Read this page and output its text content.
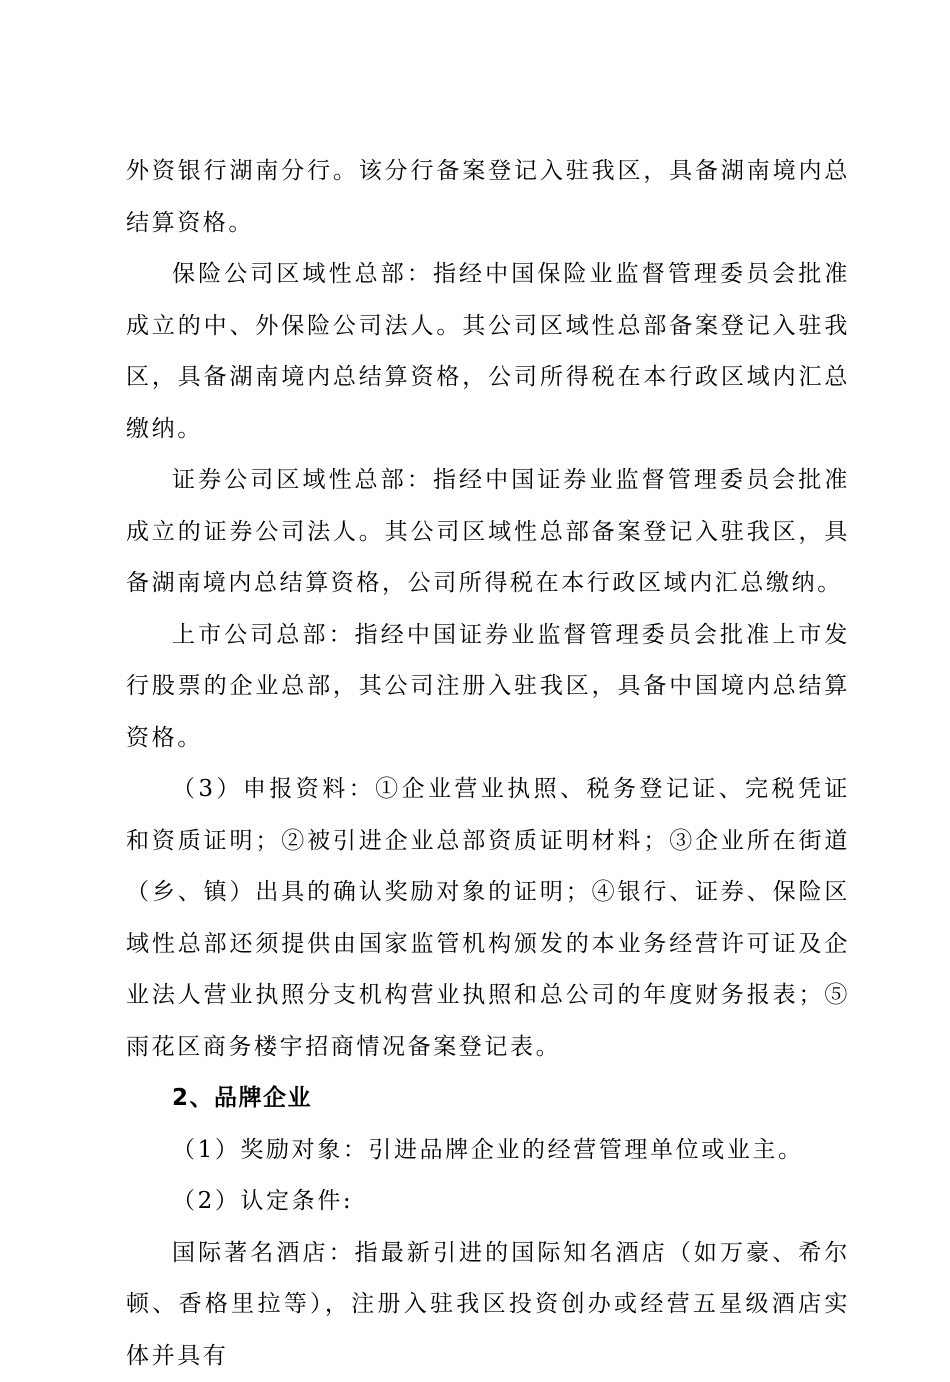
外资银行湖南分行。该分行备案登记入驻我区，具备湖南境内总结算资格。

保险公司区域性总部：指经中国保险业监督管理委员会批准成立的中、外保险公司法人。其公司区域性总部备案登记入驻我区，具备湖南境内总结算资格，公司所得税在本行政区域内汇总缴纳。

证券公司区域性总部：指经中国证券业监督管理委员会批准成立的证券公司法人。其公司区域性总部备案登记入驻我区，具备湖南境内总结算资格，公司所得税在本行政区域内汇总缴纳。

上市公司总部：指经中国证券业监督管理委员会批准上市发行股票的企业总部，其公司注册入驻我区，具备中国境内总结算资格。

（3）申报资料：①企业营业执照、税务登记证、完税凭证和资质证明；②被引进企业总部资质证明材料；③企业所在街道（乡、镇）出具的确认奖励对象的证明；④银行、证券、保险区域性总部还须提供由国家监管机构颁发的本业务经营许可证及企业法人营业执照分支机构营业执照和总公司的年度财务报表；⑤雨花区商务楼宇招商情况备案登记表。

2、品牌企业

（1）奖励对象：引进品牌企业的经营管理单位或业主。

（2）认定条件:

国际著名酒店：指最新引进的国际知名酒店（如万豪、希尔顿、香格里拉等），注册入驻我区投资创办或经营五星级酒店实体并具有
